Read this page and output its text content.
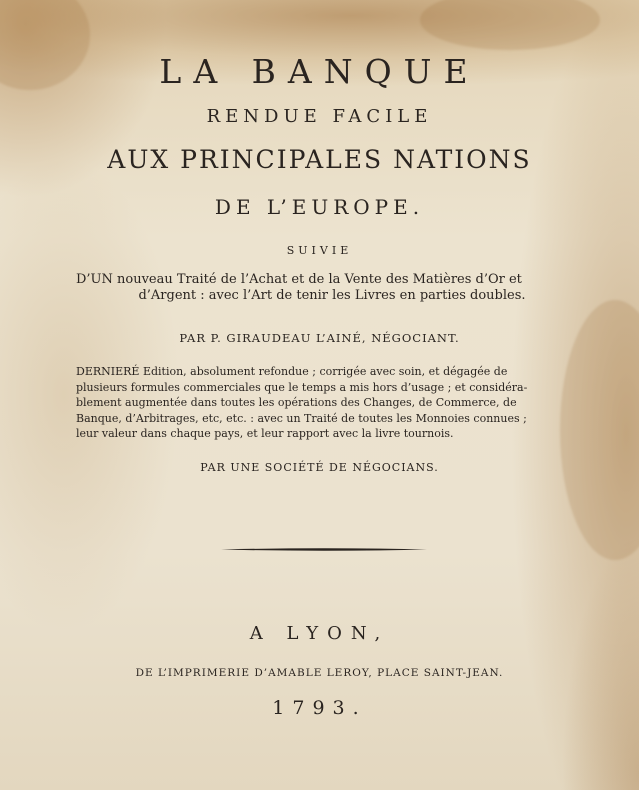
LA BANQUE
RENDUE FACILE
AUX PRINCIPALES NATIONS
DE L’EUROPE.
SUIVIE
D’UN nouveau Traité de l’Achat et de la Vente des Matières d’Or et
d’Argent : avec l’Art de tenir les Livres en parties doubles.
PAR P. GIRAUDEAU L’AINÉ, NÉGOCIANT.
DERNIERÉ Edition, absolument refondue ; corrigée avec soin, et dégagée de
plusieurs formules commerciales que le temps a mis hors d’usage ; et considéra-
blement augmentée dans toutes les opérations des Changes, de Commerce, de
Banque, d’Arbitrages, etc, etc. : avec un Traité de toutes les Monnoies connues ;
leur valeur dans chaque pays, et leur rapport avec la livre tournois.
PAR UNE SOCIÉTÉ DE NÉGOCIANS.
A LYON,
DE L’IMPRIMERIE D’AMABLE LEROY, PLACE SAINT-JEAN.
1793.
